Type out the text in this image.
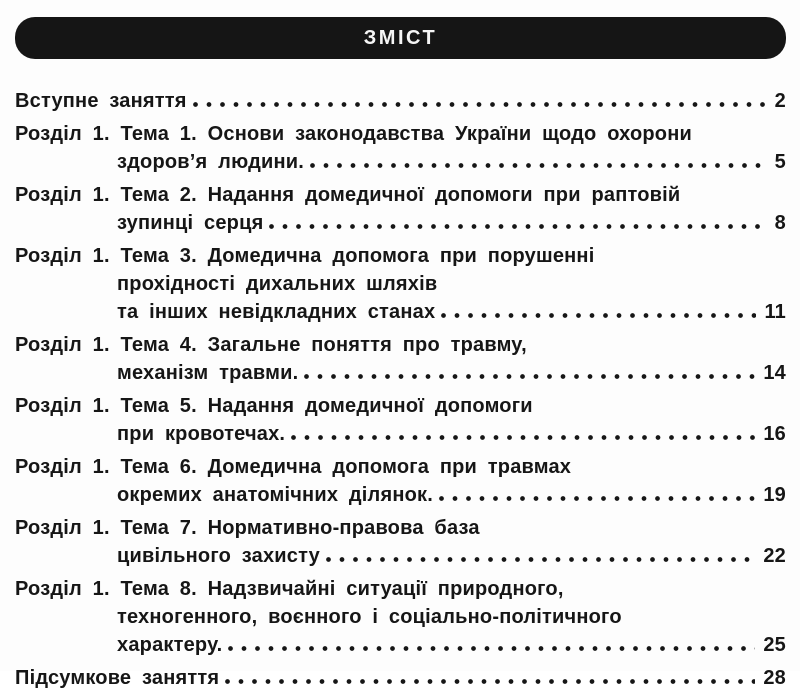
ЗМІСТ
Вступне заняття	2
Розділ 1. Тема 1. Основи законодавства України щодо охорони
здоров’я людини.	5
Розділ 1. Тема 2. Надання домедичної допомоги при раптовій
зупинці серця	8
Розділ 1. Тема 3. Домедична допомога при порушенні
прохідності дихальних шляхів
та інших невідкладних станах	11
Розділ 1. Тема 4. Загальне поняття про травму,
механізм травми.	14
Розділ 1. Тема 5. Надання домедичної допомоги
при кровотечах.	16
Розділ 1. Тема 6. Домедична допомога при травмах
окремих анатомічних ділянок.	19
Розділ 1. Тема 7. Нормативно-правова база
цивільного захисту	22
Розділ 1. Тема 8. Надзвичайні ситуації природного,
техногенного, воєнного і соціально-політичного
характеру.	25
Підсумкове заняття	28
